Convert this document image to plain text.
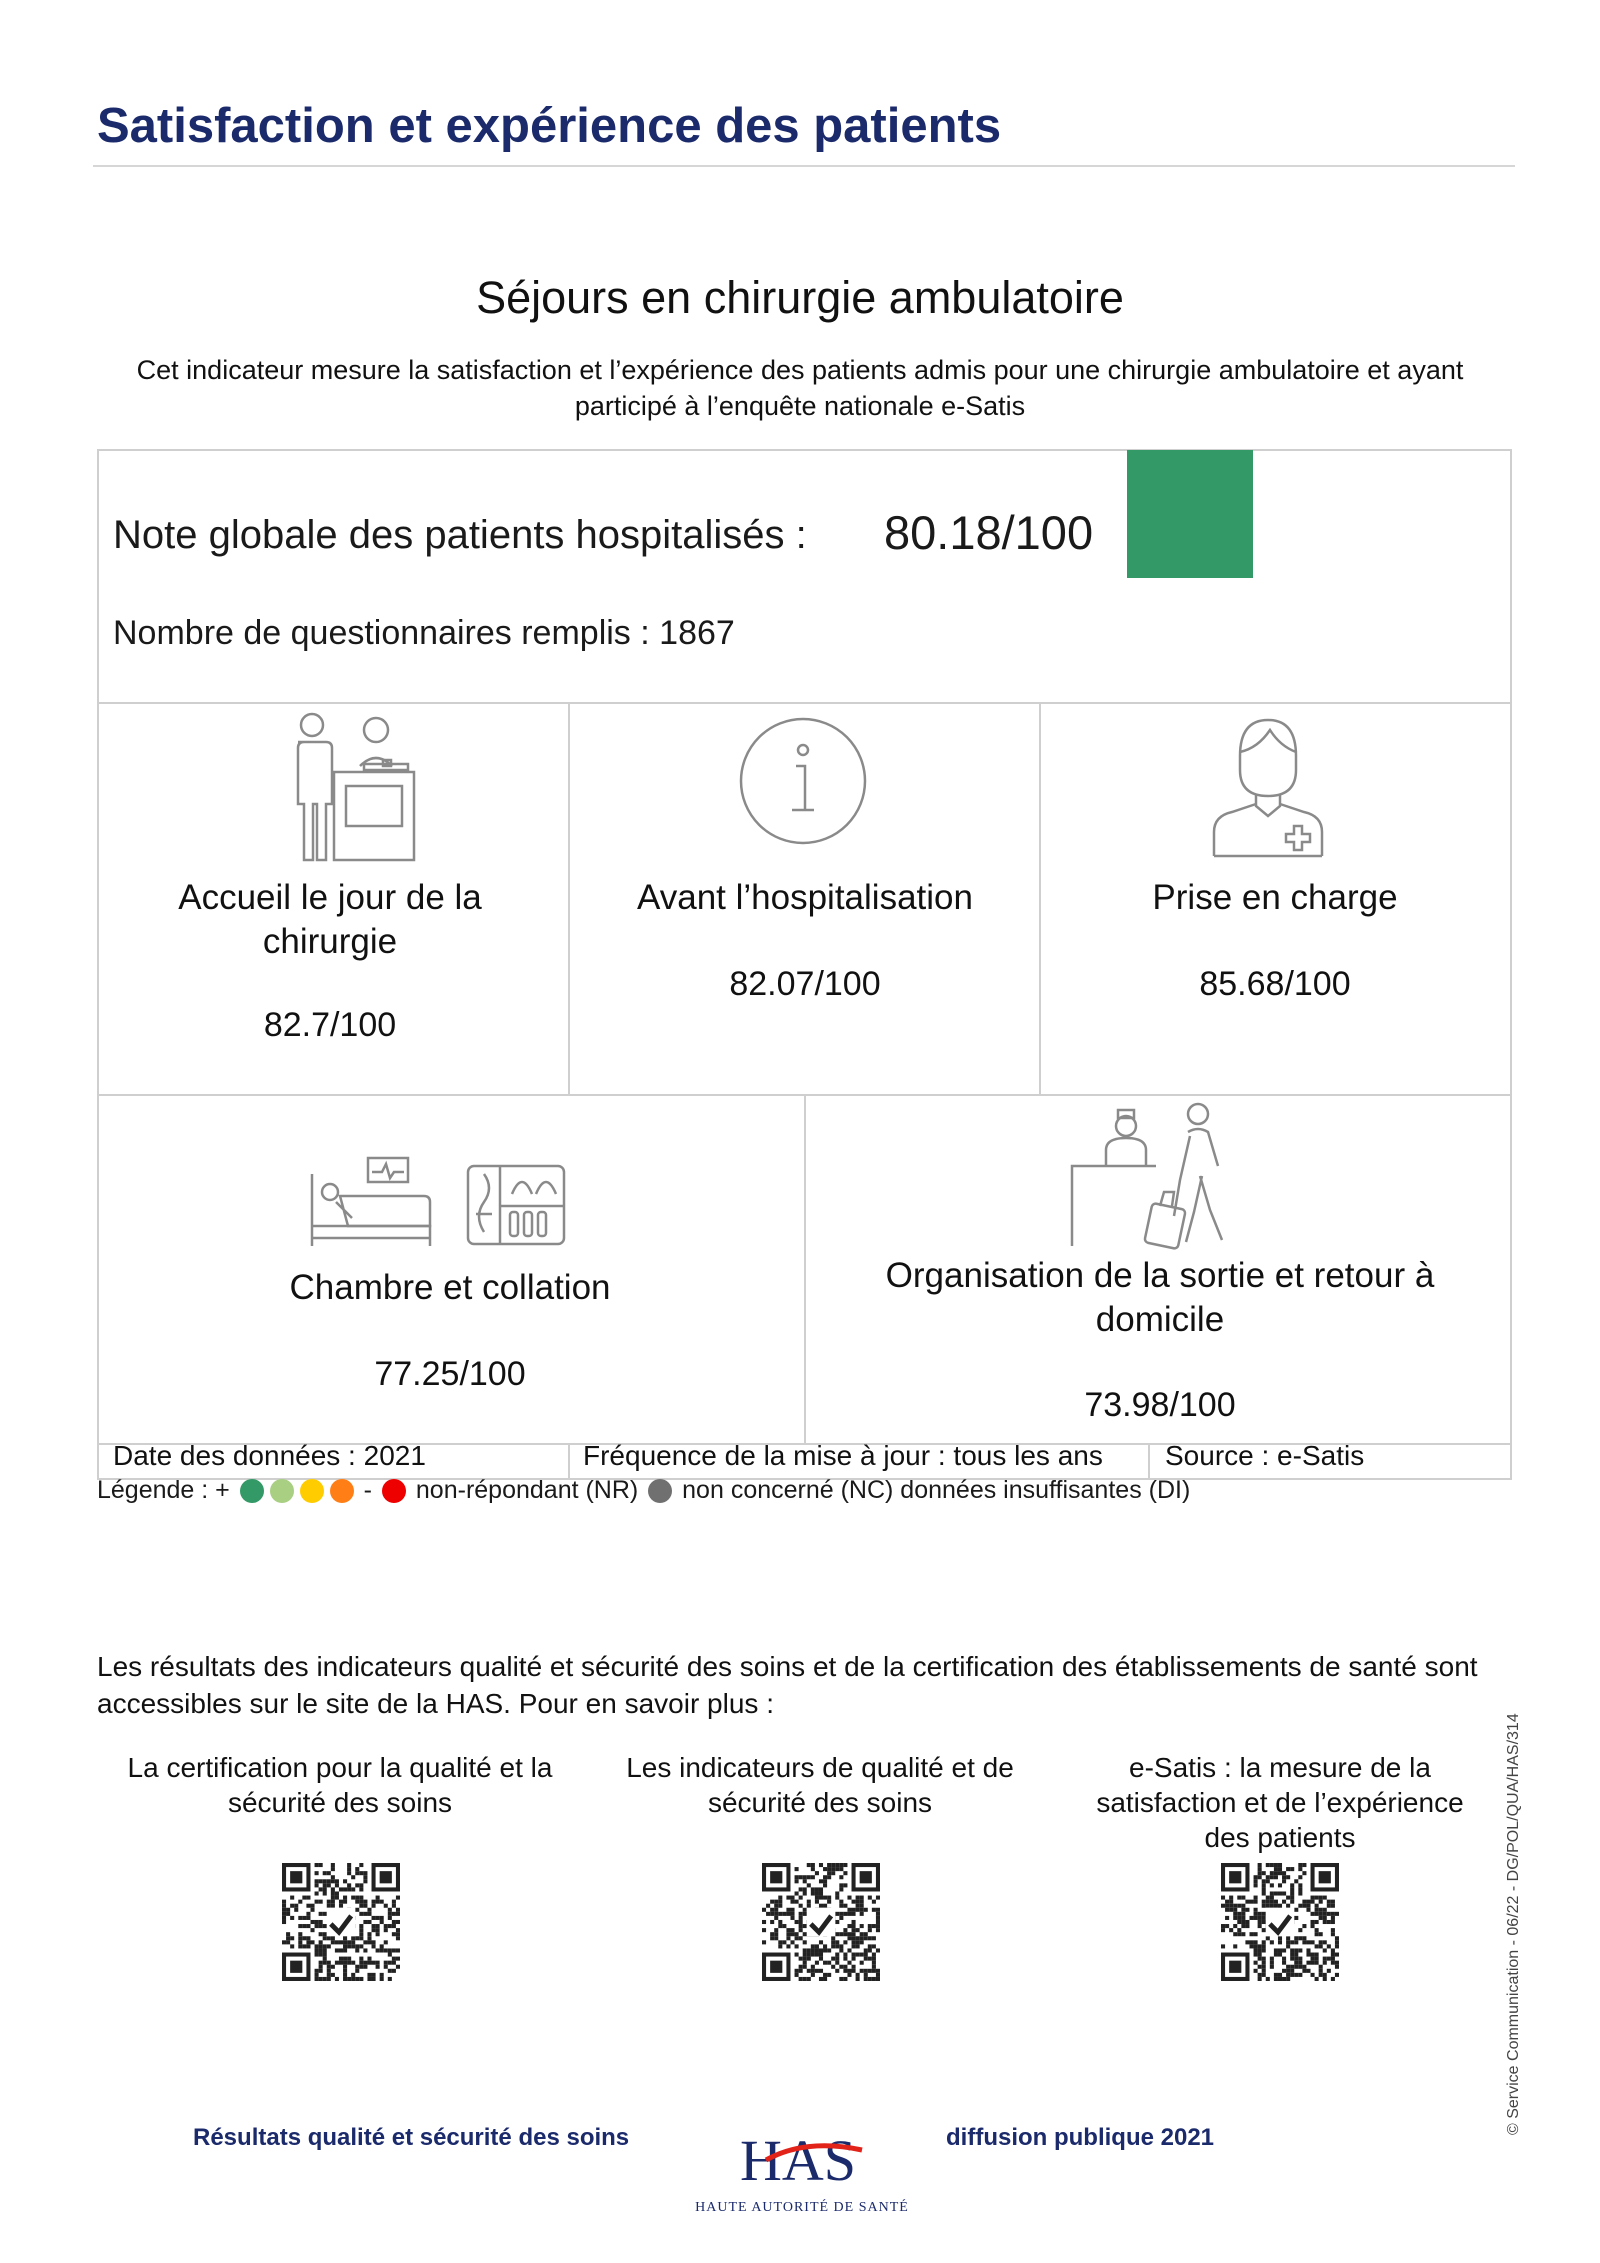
Satisfaction et expérience des patients
Séjours en chirurgie ambulatoire
Cet indicateur mesure la satisfaction et l’expérience des patients admis pour une chirurgie ambulatoire et ayant participé à l’enquête nationale e-Satis
Note globale des patients hospitalisés : 80.18/100
Nombre de questionnaires remplis : 1867
Accueil le jour de la chirurgie
82.7/100
Avant l’hospitalisation
82.07/100
Prise en charge
85.68/100
Chambre et collation
77.25/100
Organisation de la sortie et retour à domicile
73.98/100
Date des données : 2021	Fréquence de la mise à jour : tous les ans Source : e-Satis
Légende : +

	-

non-répondant (NR)

non concerné (NC) données insuffisantes (DI)
Les résultats des indicateurs qualité et sécurité des soins et de la certification des établissements de santé sont accessibles sur le site de la HAS. Pour en savoir plus :
La certification pour la qualité et la sécurité des soins
Les indicateurs de qualité et de sécurité des soins
e-Satis : la mesure de la satisfaction et de l’expérience des patients
Résultats qualité et sécurité des soins	diffusion publique 2021
HAS
HAUTE AUTORITÉ DE SANTÉ
© Service Communication - 06/22 - DG/POL/QUA/HAS/314
